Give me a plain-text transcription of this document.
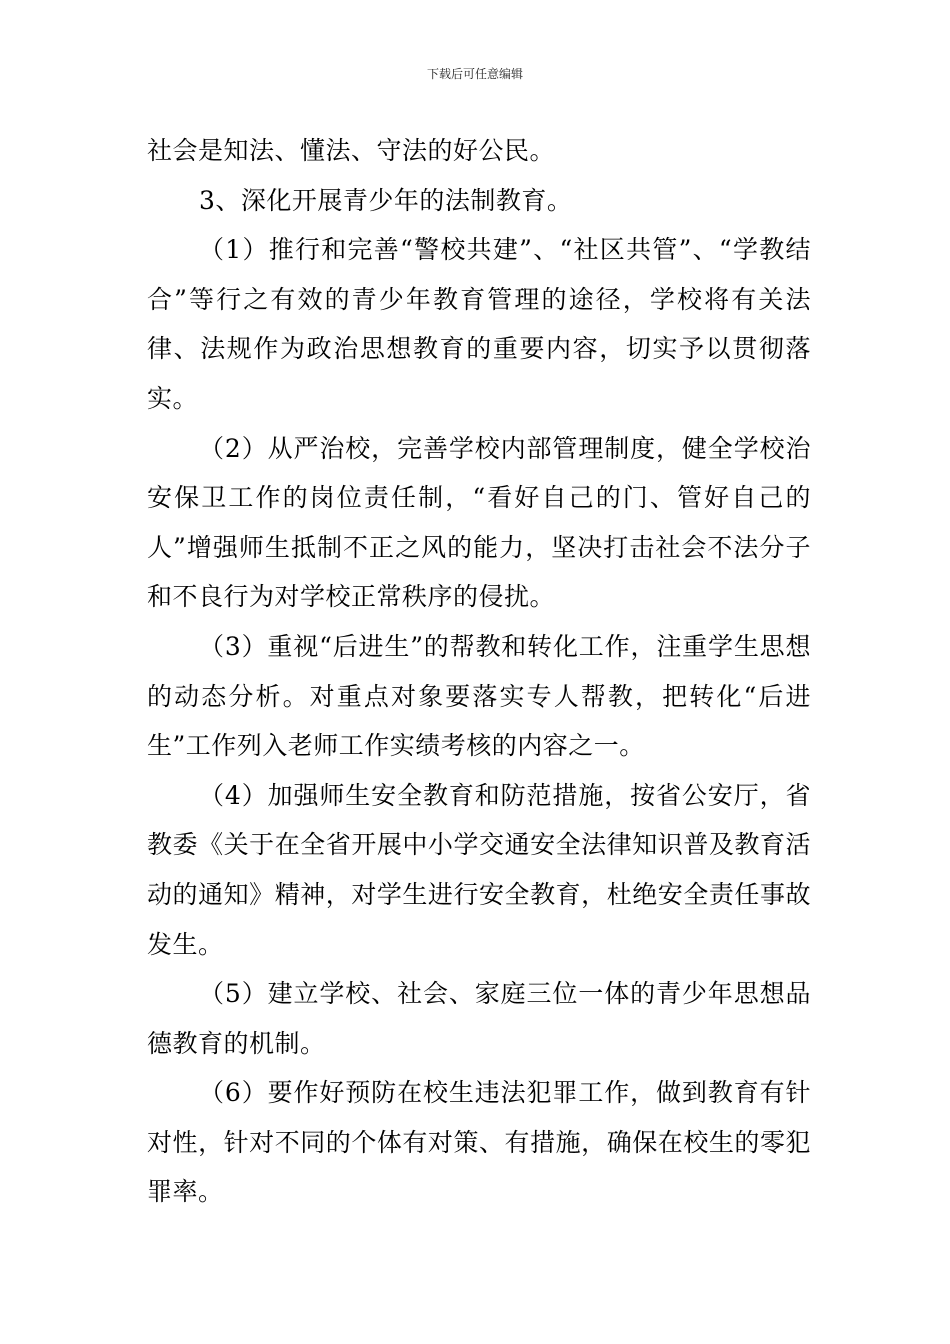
下载后可任意编辑

社会是知法、懂法、守法的好公民。

3、深化开展青少年的法制教育。

（1）推行和完善“警校共建”、“社区共管”、“学教结合”等行之有效的青少年教育管理的途径，学校将有关法律、法规作为政治思想教育的重要内容，切实予以贯彻落实。

（2）从严治校，完善学校内部管理制度，健全学校治安保卫工作的岗位责任制，“看好自己的门、管好自己的人”增强师生抵制不正之风的能力，坚决打击社会不法分子和不良行为对学校正常秩序的侵扰。

（3）重视“后进生”的帮教和转化工作，注重学生思想的动态分析。对重点对象要落实专人帮教，把转化“后进生”工作列入老师工作实绩考核的内容之一。

（4）加强师生安全教育和防范措施，按省公安厅，省教委《关于在全省开展中小学交通安全法律知识普及教育活动的通知》精神，对学生进行安全教育，杜绝安全责任事故发生。

（5）建立学校、社会、家庭三位一体的青少年思想品德教育的机制。

（6）要作好预防在校生违法犯罪工作，做到教育有针对性，针对不同的个体有对策、有措施，确保在校生的零犯罪率。
